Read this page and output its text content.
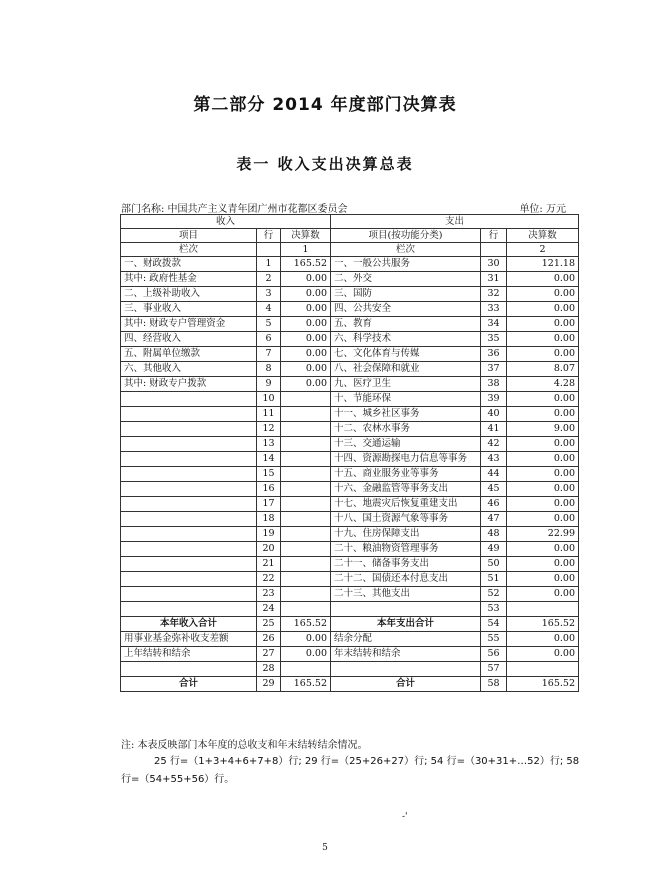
第二部分 2014 年度部门决算表
表一 收入支出决算总表
部门名称: 中国共产主义青年团广州市花都区委员会	单位: 万元
收入			支出		
项目	行	决算数	项目(按功能分类)	行	决算数
栏次		1	栏次		2
一、财政拨款	1	165.52	一、一般公共服务	30	121.18
其中: 政府性基金	2	0.00	二、外交	31	0.00
二、上级补助收入	3	0.00	三、国防	32	0.00
三、事业收入	4	0.00	四、公共安全	33	0.00
其中: 财政专户管理资金	5	0.00	五、教育	34	0.00
四、经营收入	6	0.00	六、科学技术	35	0.00
五、附属单位缴款	7	0.00	七、文化体育与传媒	36	0.00
六、其他收入	8	0.00	八、社会保障和就业	37	8.07
其中: 财政专户拨款	9	0.00	九、医疗卫生	38	4.28
	10		十、节能环保	39	0.00
	11		十一、城乡社区事务	40	0.00
	12		十二、农林水事务	41	9.00
	13		十三、交通运输	42	0.00
	14		十四、资源勘探电力信息等事务	43	0.00
	15		十五、商业服务业等事务	44	0.00
	16		十六、金融监管等事务支出	45	0.00
	17		十七、地震灾后恢复重建支出	46	0.00
	18		十八、国土资源气象等事务	47	0.00
	19		十九、住房保障支出	48	22.99
	20		二十、粮油物资管理事务	49	0.00
	21		二十一、储备事务支出	50	0.00
	22		二十二、国债还本付息支出	51	0.00
	23		二十三、其他支出	52	0.00
	24			53	
本年收入合计	25	165.52	本年支出合计	54	165.52
用事业基金弥补收支差额	26	0.00	结余分配	55	0.00
上年结转和结余	27	0.00	年末结转和结余	56	0.00
	28			57	
合计	29	165.52	合计	58	165.52
注: 本表反映部门本年度的总收支和年末结转结余情况。
25 行=（1+3+4+6+7+8）行; 29 行=（25+26+27）行; 54 行=（30+31+…52）行; 58
行=（54+55+56）行。
-'
5
